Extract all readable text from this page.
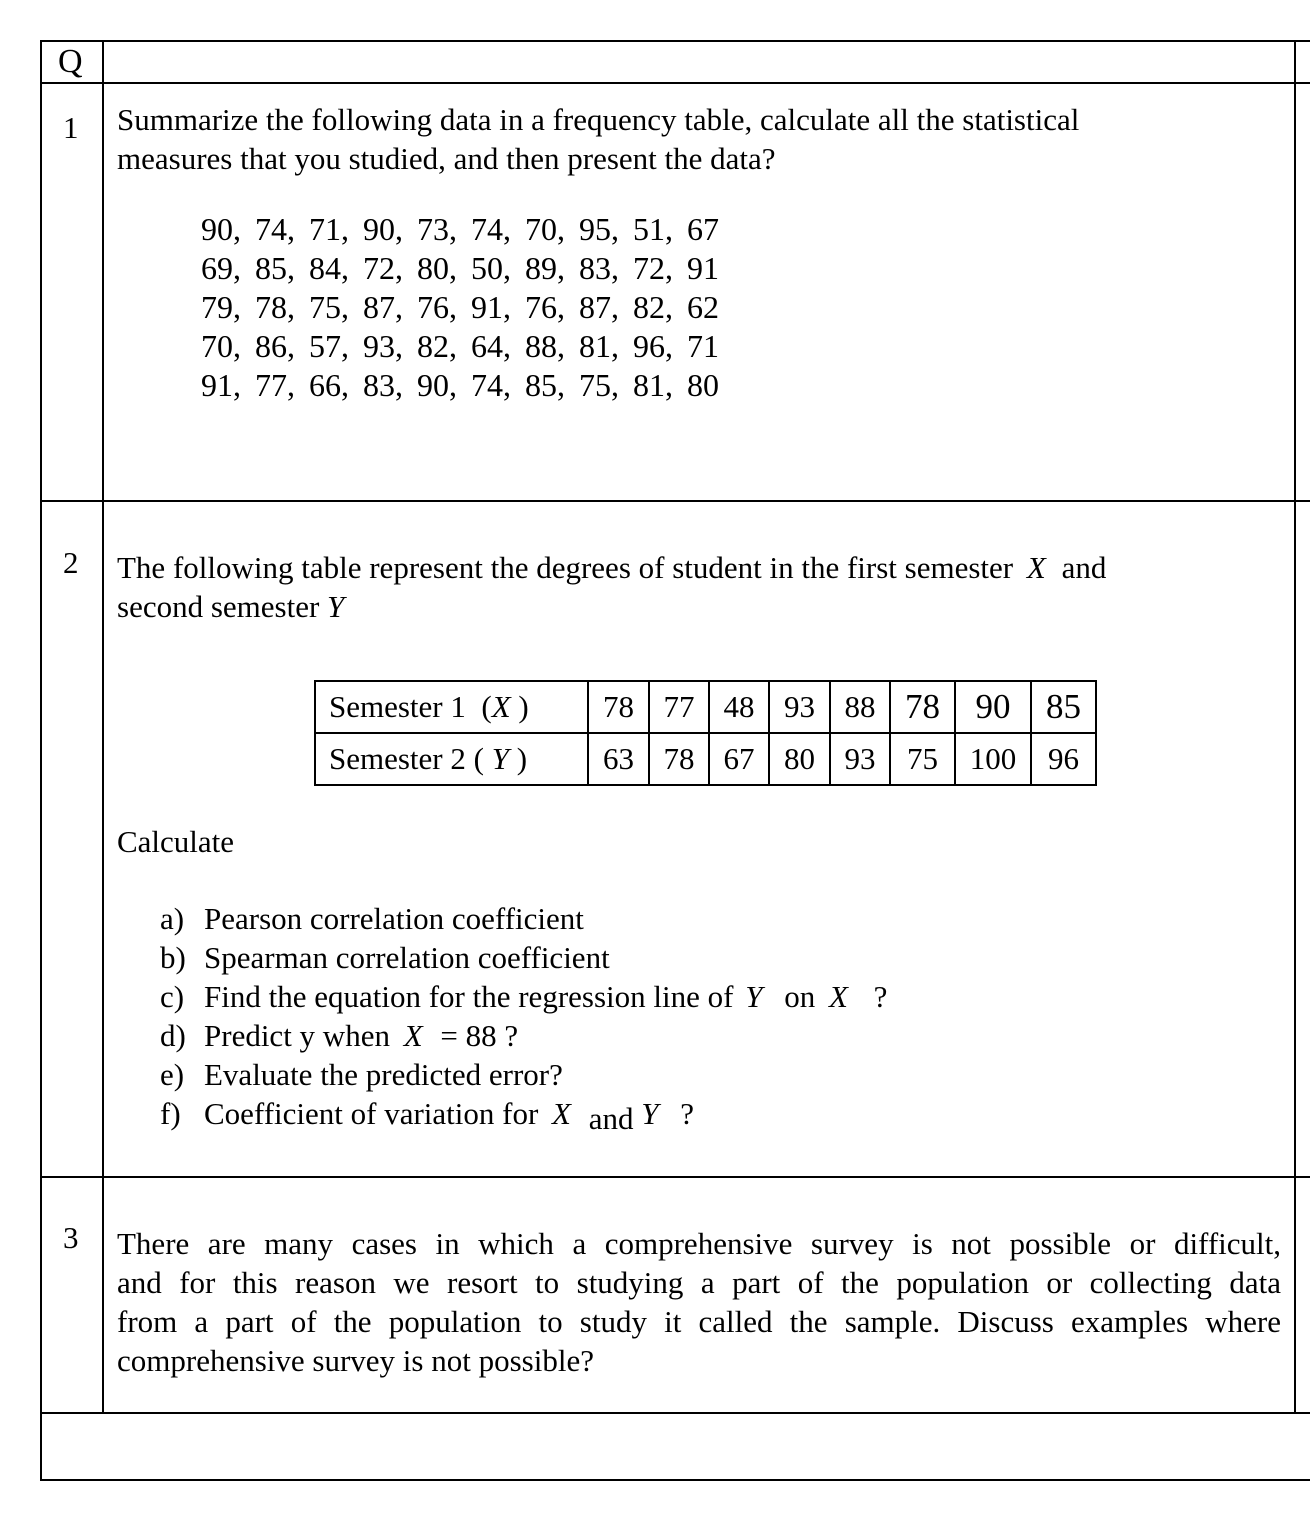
Q
1 Summarize the following data in a frequency table, calculate all the statistical
measures that you studied, and then present the data?
90, 74, 71, 90, 73, 74, 70, 95, 51, 67
69, 85, 84, 72, 80, 50, 89, 83, 72, 91
79, 78, 75, 87, 76, 91, 76, 87, 82, 62
70, 86, 57, 93, 82, 64, 88, 81, 96, 71
91, 77, 66, 83, 90, 74, 85, 75, 81, 80
2 The following table represent the degrees of student in the first semester X and
second semester Y
Semester 1  (X )	78	77	48	93	88	78	90	85
Semester 2 ( Y )	63	78	67	80	93	75	100	96
Calculate
a) Pearson correlation coefficient
b) Spearman correlation coefficient
c) Find the equation for the regression line of Y on X ?
d) Predict y when X = 88 ?
e) Evaluate the predicted error?
f) Coefficient of variation for X and Y ?
3 There are many cases in which a comprehensive survey is not possible or difficult,
and for this reason we resort to studying a part of the population or collecting data
from a part of the population to study it called the sample. Discuss examples where
comprehensive survey is not possible?
